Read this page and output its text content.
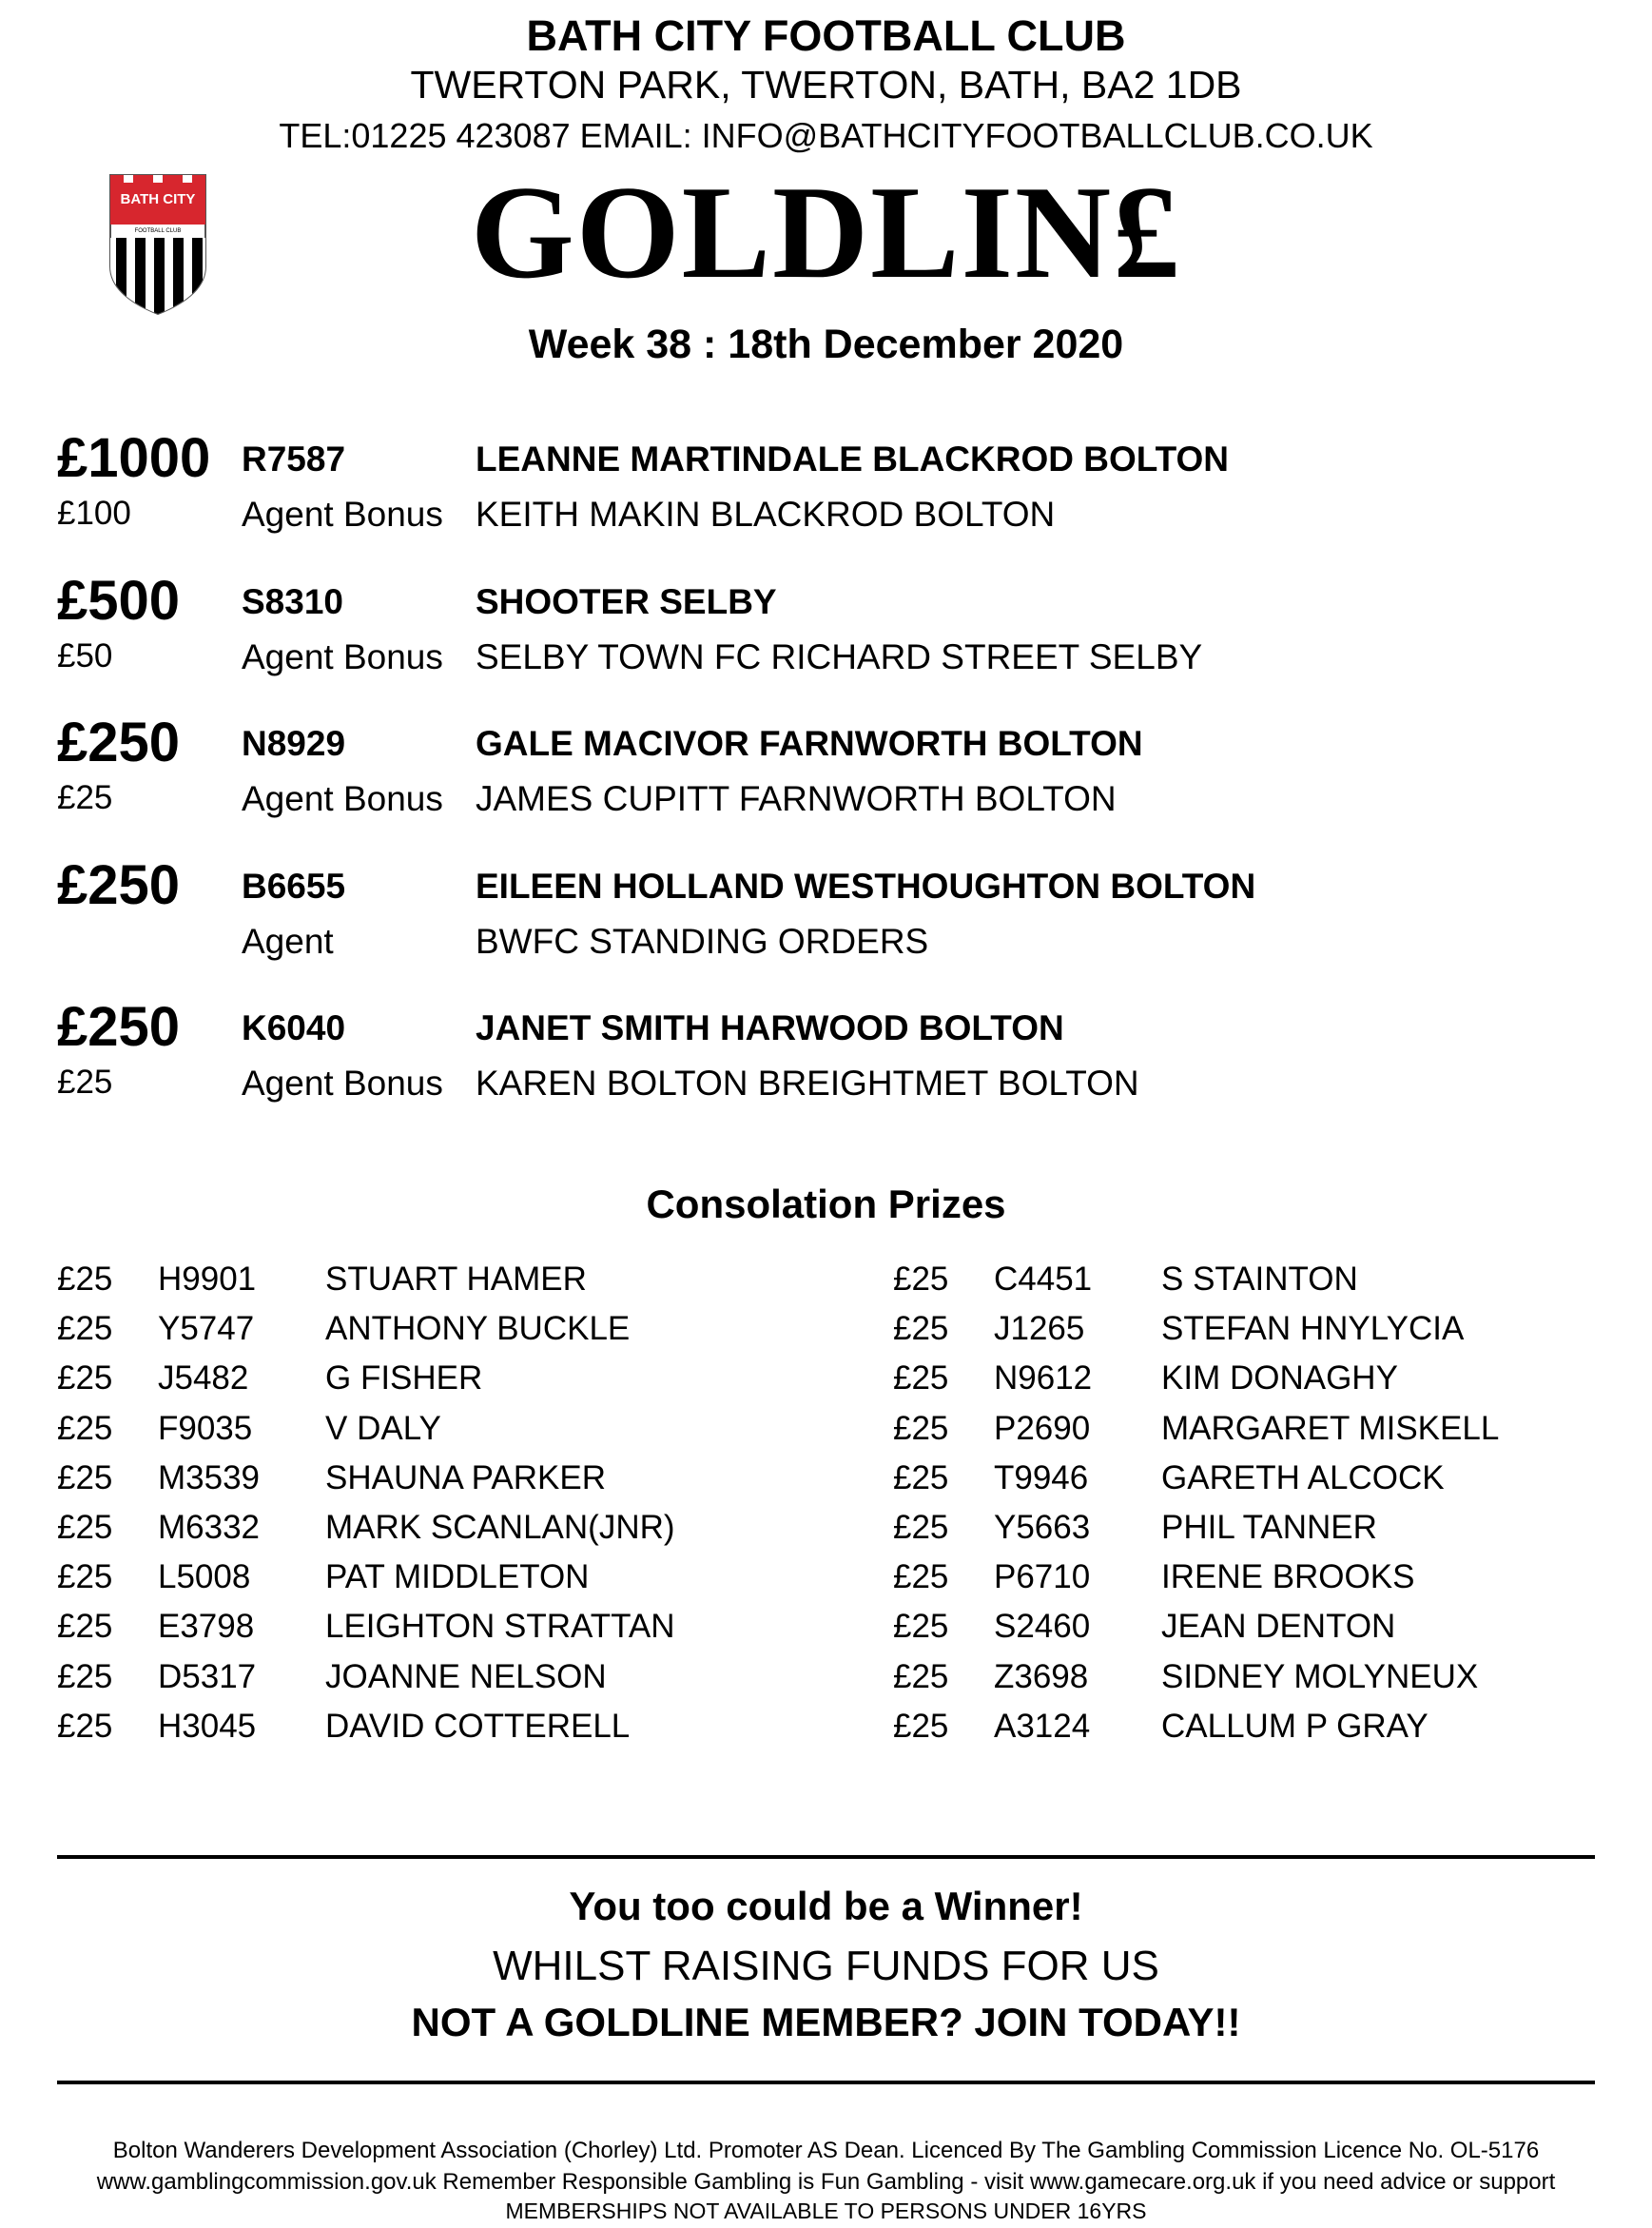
BATH CITY FOOTBALL CLUB
TWERTON PARK, TWERTON, BATH, BA2 1DB
TEL:01225 423087 EMAIL: INFO@BATHCITYFOOTBALLCLUB.CO.UK
BATH CITY
FOOTBALL CLUB	GOLDLIN£
Week 38 : 18th December 2020
£1000 R7587	LEANNE MARTINDALE BLACKROD BOLTON
£100	Agent Bonus KEITH MAKIN BLACKROD BOLTON
£500 S8310	SHOOTER SELBY
£50	Agent Bonus SELBY TOWN FC RICHARD STREET SELBY
£250 N8929	GALE MACIVOR FARNWORTH BOLTON
£25	Agent Bonus JAMES CUPITT FARNWORTH BOLTON
£250 B6655	EILEEN HOLLAND WESTHOUGHTON BOLTON
Agent	BWFC STANDING ORDERS
£250 K6040	JANET SMITH HARWOOD BOLTON
£25	Agent Bonus KAREN BOLTON BREIGHTMET BOLTON
Consolation Prizes
£25 H9901 STUART HAMER
£25 Y5747 ANTHONY BUCKLE
£25 J5482 G FISHER
£25 F9035 V DALY
£25 M3539 SHAUNA PARKER
£25 M6332 MARK SCANLAN(JNR)
£25 L5008 PAT MIDDLETON
£25 E3798 LEIGHTON STRATTAN
£25 D5317 JOANNE NELSON
£25 H3045 DAVID COTTERELL
£25 C4451 S STAINTON
£25 J1265 STEFAN HNYLYCIA
£25 N9612 KIM DONAGHY
£25 P2690 MARGARET MISKELL
£25 T9946 GARETH ALCOCK
£25 Y5663 PHIL TANNER
£25 P6710 IRENE BROOKS
£25 S2460 JEAN DENTON
£25 Z3698 SIDNEY MOLYNEUX
£25 A3124 CALLUM P GRAY
You too could be a Winner!
WHILST RAISING FUNDS FOR US
NOT A GOLDLINE MEMBER? JOIN TODAY!!
Bolton Wanderers Development Association (Chorley) Ltd. Promoter AS Dean. Licenced By The Gambling Commission Licence No. OL-5176
www.gamblingcommission.gov.uk Remember Responsible Gambling is Fun Gambling - visit www.gamecare.org.uk if you need advice or support
MEMBERSHIPS NOT AVAILABLE TO PERSONS UNDER 16YRS
